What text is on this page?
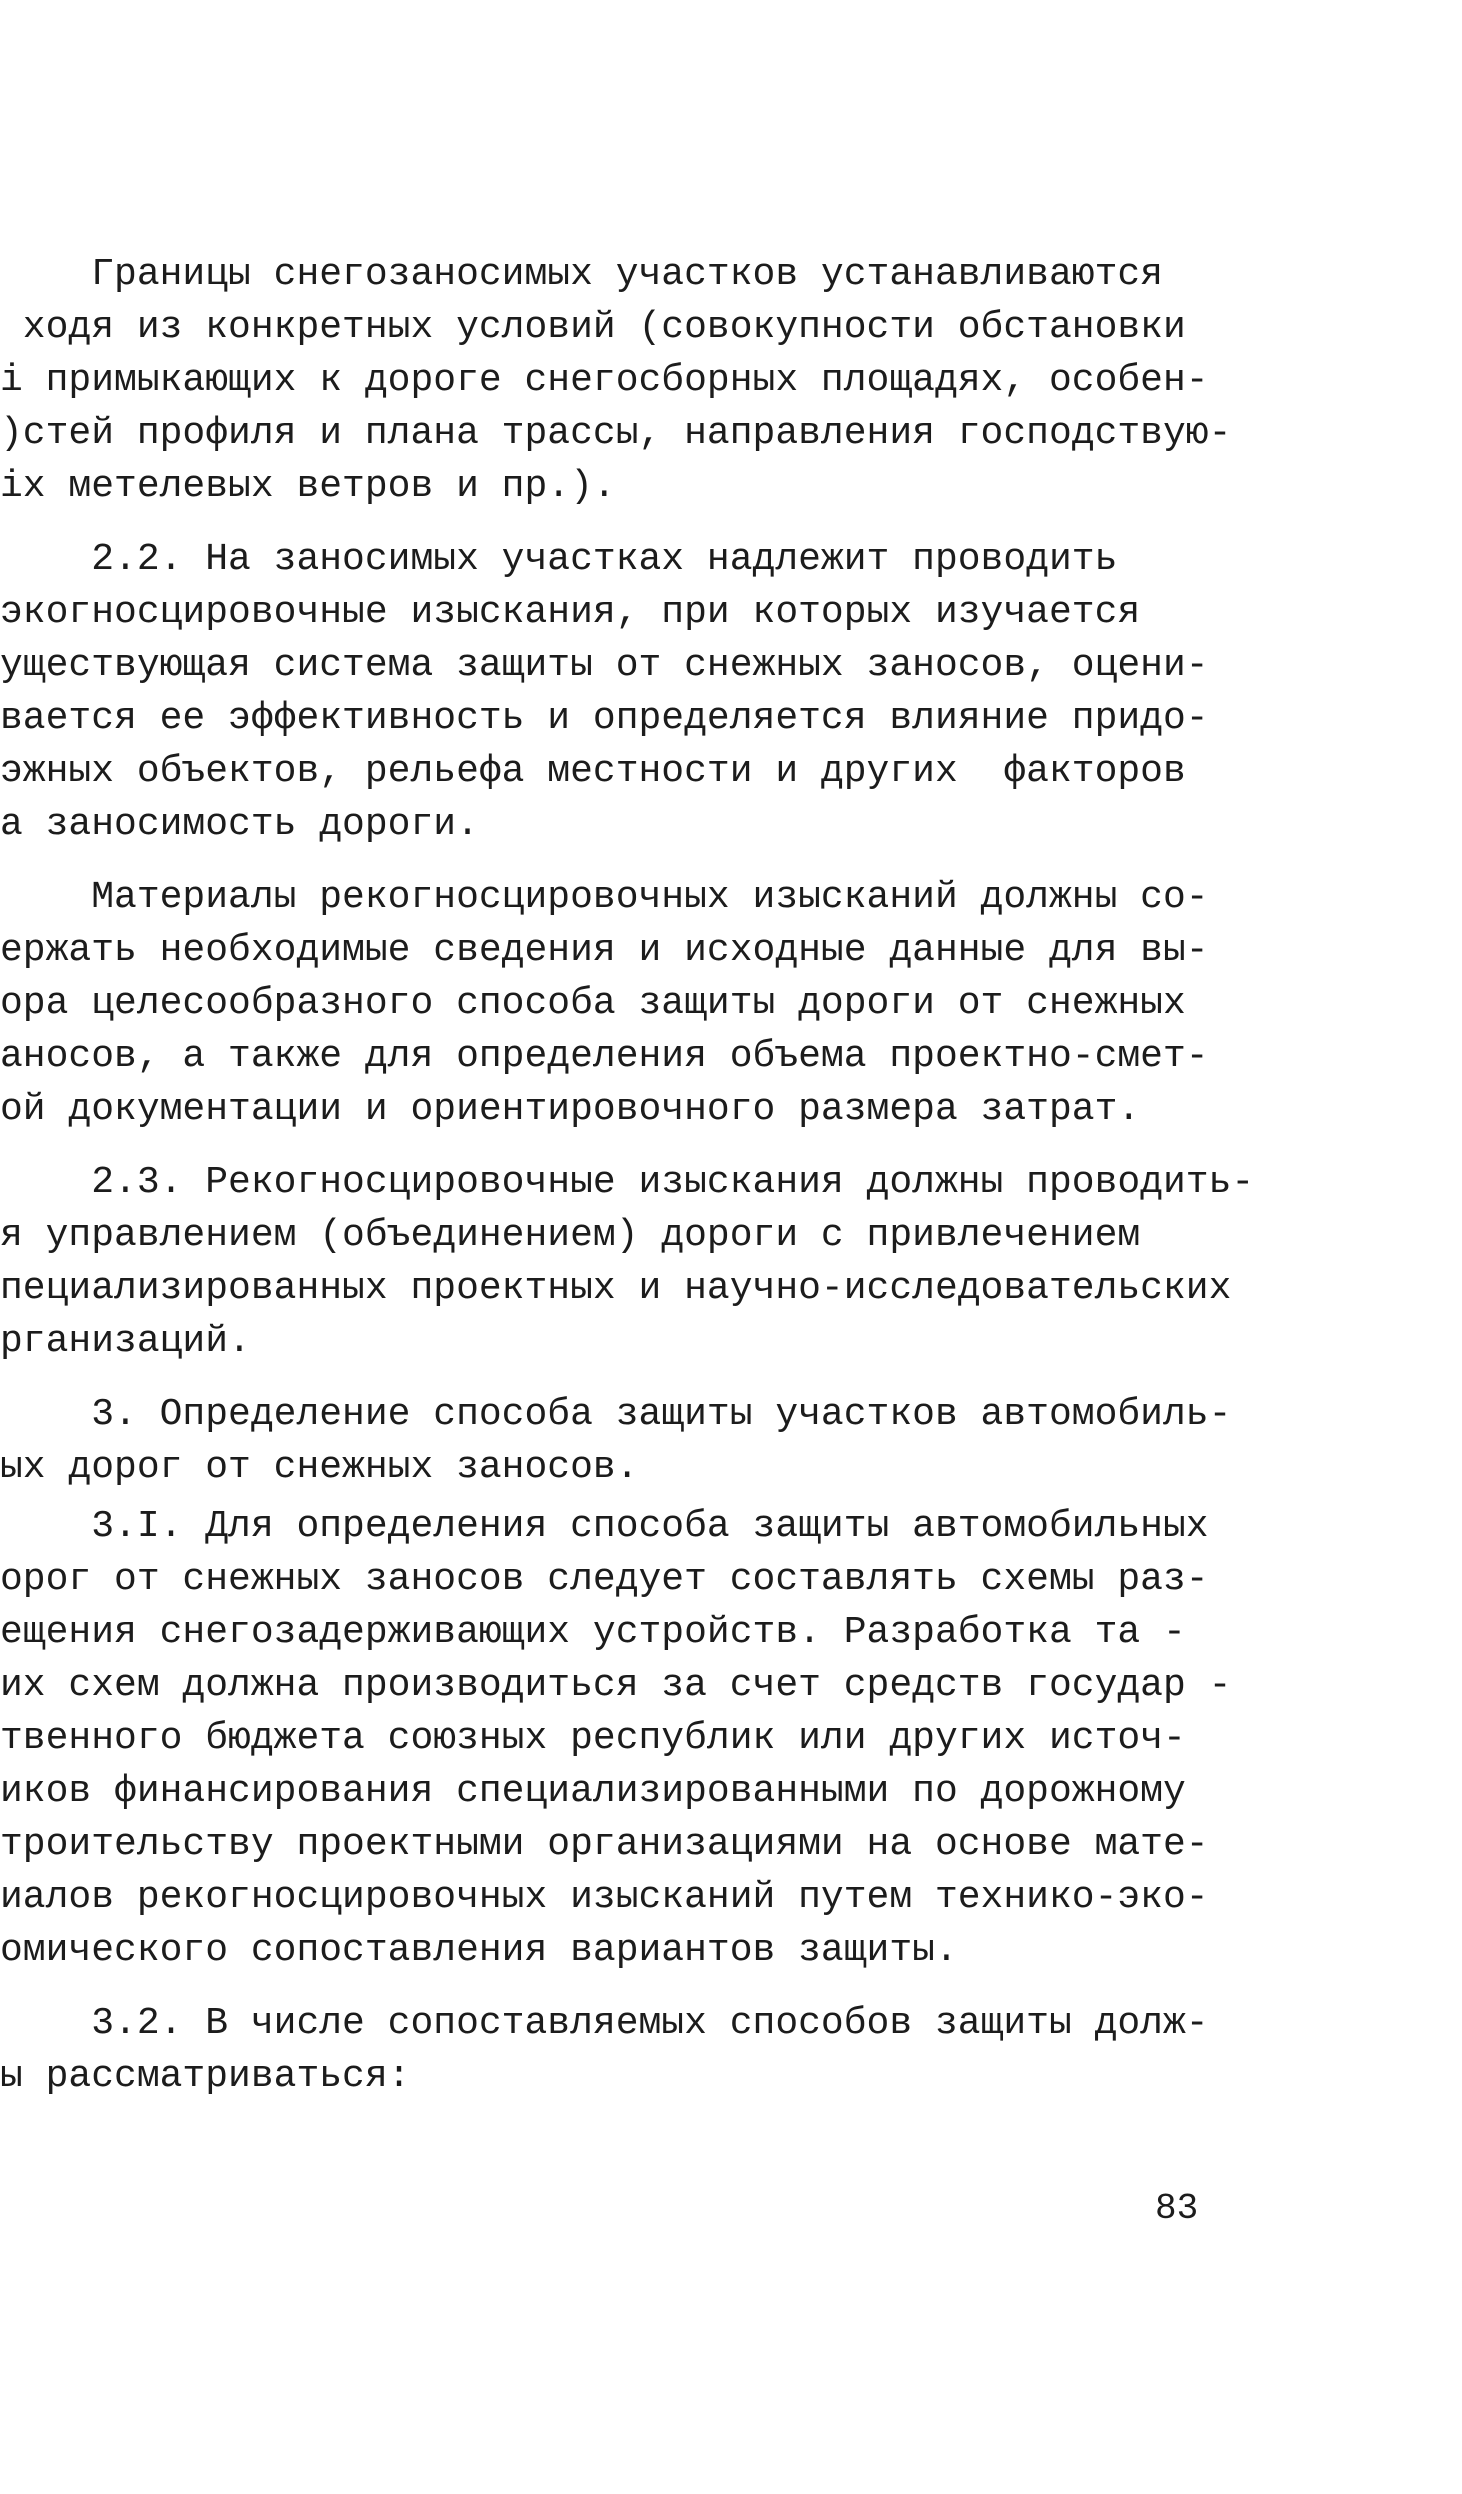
Границы снегозаносимых участков устанавливаются
ходя из конкретных условий (совокупности обстановки
і примыкающих к дороге снегосборных площадях, особен-
)стей профиля и плана трассы, направления господствую-
іх метелевых ветров и пр.).
2.2. На заносимых участках надлежит проводить
экогносцировочные изыскания, при которых изучается
уществующая система защиты от снежных заносов, оцени-
вается ее эффективность и определяется влияние придо-
эжных объектов, рельефа местности и других  факторов
а заносимость дороги.
Материалы рекогносцировочных изысканий должны со-
ержать необходимые сведения и исходные данные для вы-
ора целесообразного способа защиты дороги от снежных
аносов, а также для определения объема проектно-смет-
ой документации и ориентировочного размера затрат.
2.3. Рекогносцировочные изыскания должны проводить-
я управлением (объединением) дороги с привлечением
пециализированных проектных и научно-исследовательских
рганизаций.
3. Определение способа защиты участков автомобиль-
ых дорог от снежных заносов.
3.I. Для определения способа защиты автомобильных
орог от снежных заносов следует составлять схемы раз-
ещения снегозадерживающих устройств. Разработка та -
их схем должна производиться за счет средств государ -
твенного бюджета союзных республик или других источ-
иков финансирования специализированными по дорожному
троительству проектными организациями на основе мате-
иалов рекогносцировочных изысканий путем технико-эко-
омического сопоставления вариантов защиты.
3.2. В числе сопоставляемых способов защиты долж-
ы рассматриваться:
83
